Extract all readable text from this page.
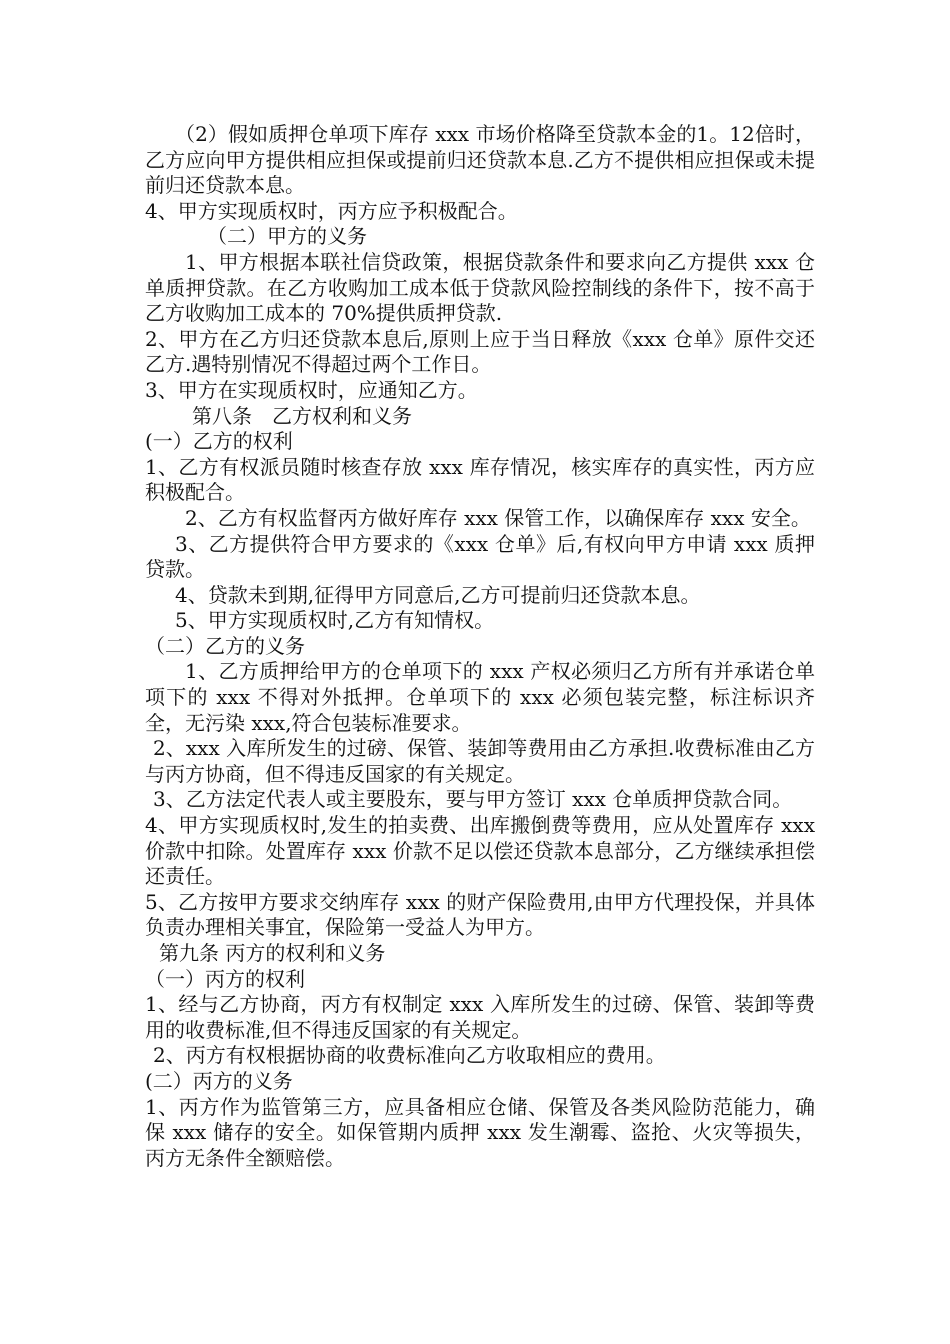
（2）假如质押仓单项下库存 xxx 市场价格降至贷款本金的1。12倍时，乙方应向甲方提供相应担保或提前归还贷款本息.乙方不提供相应担保或未提前归还贷款本息。

4、甲方实现质权时，丙方应予积极配合。

（二）甲方的义务

1、甲方根据本联社信贷政策，根据贷款条件和要求向乙方提供 xxx 仓单质押贷款。在乙方收购加工成本低于贷款风险控制线的条件下，按不高于乙方收购加工成本的 70%提供质押贷款.

2、甲方在乙方归还贷款本息后,原则上应于当日释放《xxx 仓单》原件交还乙方.遇特别情况不得超过两个工作日。

3、甲方在实现质权时，应通知乙方。

第八条　乙方权利和义务

(一）乙方的权利

1、乙方有权派员随时核查存放 xxx 库存情况，核实库存的真实性，丙方应积极配合。

2、乙方有权监督丙方做好库存 xxx 保管工作，以确保库存 xxx 安全。

3、乙方提供符合甲方要求的《xxx 仓单》后,有权向甲方申请 xxx 质押贷款。

4、贷款未到期,征得甲方同意后,乙方可提前归还贷款本息。

5、甲方实现质权时,乙方有知情权。

（二）乙方的义务

1、乙方质押给甲方的仓单项下的 xxx 产权必须归乙方所有并承诺仓单项下的 xxx 不得对外抵押。仓单项下的 xxx 必须包装完整，标注标识齐全，无污染 xxx,符合包装标准要求。

2、xxx 入库所发生的过磅、保管、装卸等费用由乙方承担.收费标准由乙方与丙方协商，但不得违反国家的有关规定。

3、乙方法定代表人或主要股东，要与甲方签订 xxx 仓单质押贷款合同。

4、甲方实现质权时,发生的拍卖费、出库搬倒费等费用，应从处置库存 xxx 价款中扣除。处置库存 xxx 价款不足以偿还贷款本息部分，乙方继续承担偿还责任。

5、乙方按甲方要求交纳库存 xxx 的财产保险费用,由甲方代理投保，并具体负责办理相关事宜，保险第一受益人为甲方。

第九条 丙方的权利和义务

（一）丙方的权利

1、经与乙方协商，丙方有权制定 xxx 入库所发生的过磅、保管、装卸等费用的收费标准,但不得违反国家的有关规定。

2、丙方有权根据协商的收费标准向乙方收取相应的费用。

(二）丙方的义务

1、丙方作为监管第三方，应具备相应仓储、保管及各类风险防范能力，确保 xxx 储存的安全。如保管期内质押 xxx 发生潮霉、盗抢、火灾等损失，丙方无条件全额赔偿。
